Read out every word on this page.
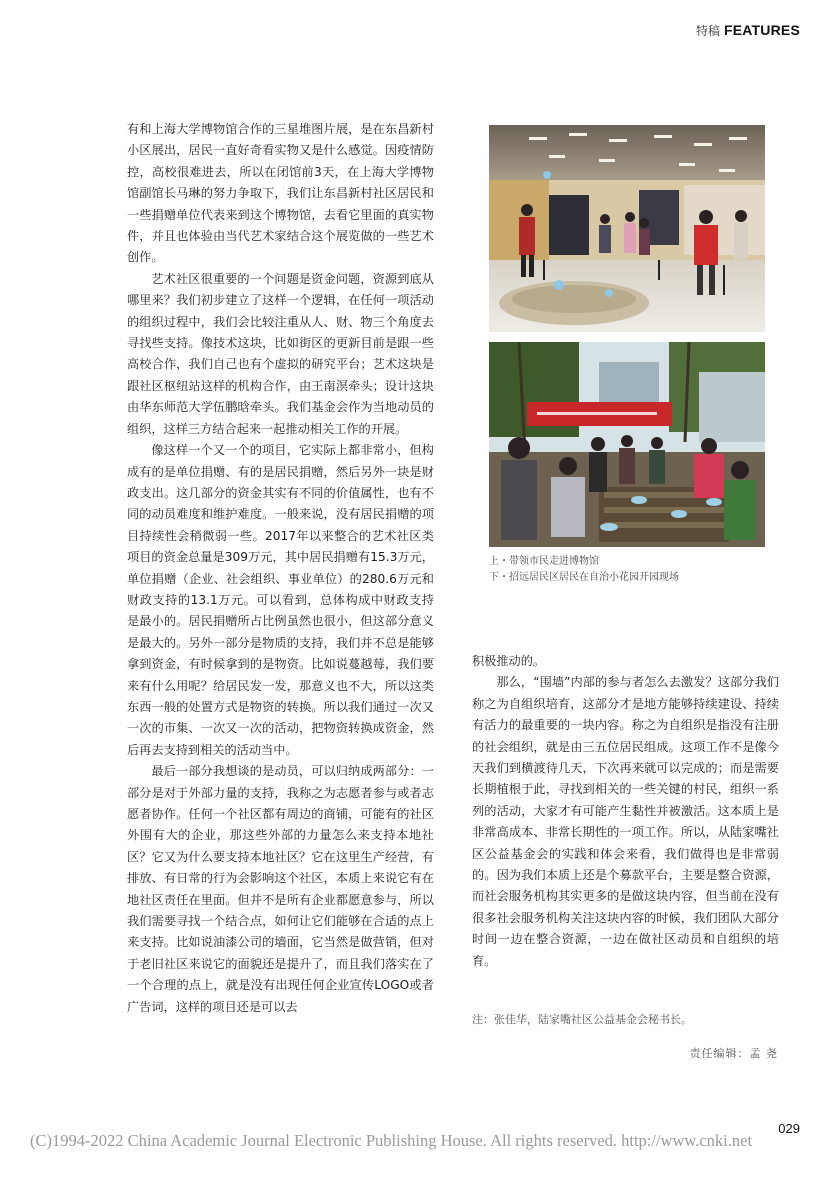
特稿 FEATURES

有和上海大学博物馆合作的三星堆图片展，是在东昌新村小区展出，居民一直好奇看实物又是什么感觉。因疫情防控，高校很难进去，所以在闭馆前3天，在上海大学博物馆副馆长马琳的努力争取下，我们让东昌新村社区居民和一些捐赠单位代表来到这个博物馆，去看它里面的真实物件，并且也体验由当代艺术家结合这个展览做的一些艺术创作。

艺术社区很重要的一个问题是资金问题，资源到底从哪里来？我们初步建立了这样一个逻辑，在任何一项活动的组织过程中，我们会比较注重从人、财、物三个角度去寻找些支持。像技术这块，比如街区的更新目前是跟一些高校合作，我们自己也有个虚拟的研究平台；艺术这块是跟社区枢纽站这样的机构合作，由王南溟牵头；设计这块由华东师范大学伍鹏晗牵头。我们基金会作为当地动员的组织，这样三方结合起来一起推动相关工作的开展。

像这样一个又一个的项目，它实际上都非常小，但构成有的是单位捐赠、有的是居民捐赠，然后另外一块是财政支出。这几部分的资金其实有不同的价值属性，也有不同的动员难度和维护难度。一般来说，没有居民捐赠的项目持续性会稍微弱一些。2017年以来整合的艺术社区类项目的资金总量是309万元，其中居民捐赠有15.3万元，单位捐赠（企业、社会组织、事业单位）的280.6万元和财政支持的13.1万元。可以看到，总体构成中财政支持是最小的。居民捐赠所占比例虽然也很小，但这部分意义是最大的。另外一部分是物质的支持，我们并不总是能够拿到资金，有时候拿到的是物资。比如说蔓越莓，我们要来有什么用呢？给居民发一发，那意义也不大，所以这类东西一般的处置方式是物资的转换。所以我们通过一次又一次的市集、一次又一次的活动，把物资转换成资金，然后再去支持到相关的活动当中。

最后一部分我想谈的是动员，可以归纳成两部分：一部分是对于外部力量的支持，我称之为志愿者参与或者志愿者协作。任何一个社区都有周边的商铺，可能有的社区外围有大的企业，那这些外部的力量怎么来支持本地社区？它又为什么要支持本地社区？它在这里生产经营，有排放、有日常的行为会影响这个社区，本质上来说它有在地社区责任在里面。但并不是所有企业都愿意参与，所以我们需要寻找一个结合点，如何让它们能够在合适的点上来支持。比如说油漆公司的墙面，它当然是做营销，但对于老旧社区来说它的面貌还是提升了，而且我们落实在了一个合理的点上，就是没有出现任何企业宣传LOGO或者广告词，这样的项目还是可以去

上・带领市民走进博物馆
下・招远居民区居民在自治小花园开园现场

积极推动的。

那么，“围墙”内部的参与者怎么去激发？这部分我们称之为自组织培育，这部分才是地方能够持续建设、持续有活力的最重要的一块内容。称之为自组织是指没有注册的社会组织，就是由三五位居民组成。这项工作不是像今天我们到横渡待几天，下次再来就可以完成的；而是需要长期植根于此，寻找到相关的一些关键的村民，组织一系列的活动，大家才有可能产生黏性并被激活。这本质上是非常高成本、非常长期性的一项工作。所以，从陆家嘴社区公益基金会的实践和体会来看，我们做得也是非常弱的。因为我们本质上还是个募款平台，主要是整合资源，而社会服务机构其实更多的是做这块内容，但当前在没有很多社会服务机构关注这块内容的时候，我们团队大部分时间一边在整合资源，一边在做社区动员和自组织的培育。

注：张佳华，陆家嘴社区公益基金会秘书长。
责任编辑：孟 尧
029
(C)1994-2022 China Academic Journal Electronic Publishing House. All rights reserved. http://www.cnki.net
